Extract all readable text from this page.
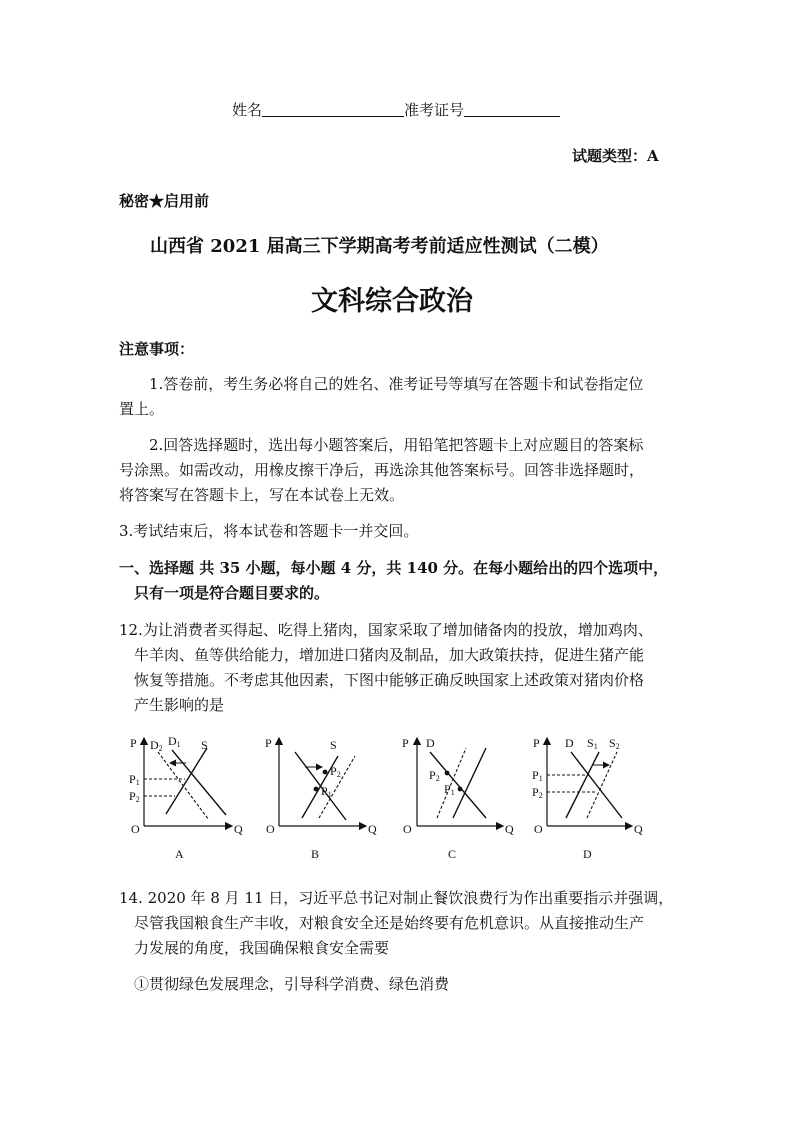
姓名	准考证号
试题类型：A
秘密★启用前
山西省 2021 届高三下学期高考考前适应性测试（二模）
文科综合政治
注意事项：
1.答卷前，考生务必将自己的姓名、准考证号等填写在答题卡和试卷指定位
置上。
2.回答选择题时，选出每小题答案后，用铅笔把答题卡上对应题目的答案标
号涂黑。如需改动，用橡皮擦干净后，再选涂其他答案标号。回答非选择题时，
将答案写在答题卡上，写在本试卷上无效。
3.考试结束后，将本试卷和答题卡一并交回。
一、选择题 共 35 小题，每小题 4 分，共 140 分。在每小题给出的四个选项中，
只有一项是符合题目要求的。
12.为让消费者买得起、吃得上猪肉，国家采取了增加储备肉的投放，增加鸡肉、
牛羊肉、鱼等供给能力，增加进口猪肉及制品，加大政策扶持，促进生猪产能
恢复等措施。不考虑其他因素，下图中能够正确反映国家上述政策对猪肉价格
产生影响的是
P
Q
O
D2
D1 S
P1
P2
A
P
Q
O
S
P2
P1
B
P
Q
O
D
P2
P1
C
P
Q
O
D S1 S2
P1
P2
D
14. 2020 年 8 月 11 日，习近平总书记对制止餐饮浪费行为作出重要指示并强调，
尽管我国粮食生产丰收，对粮食安全还是始终要有危机意识。从直接推动生产
力发展的角度，我国确保粮食安全需要
①贯彻绿色发展理念，引导科学消费、绿色消费
